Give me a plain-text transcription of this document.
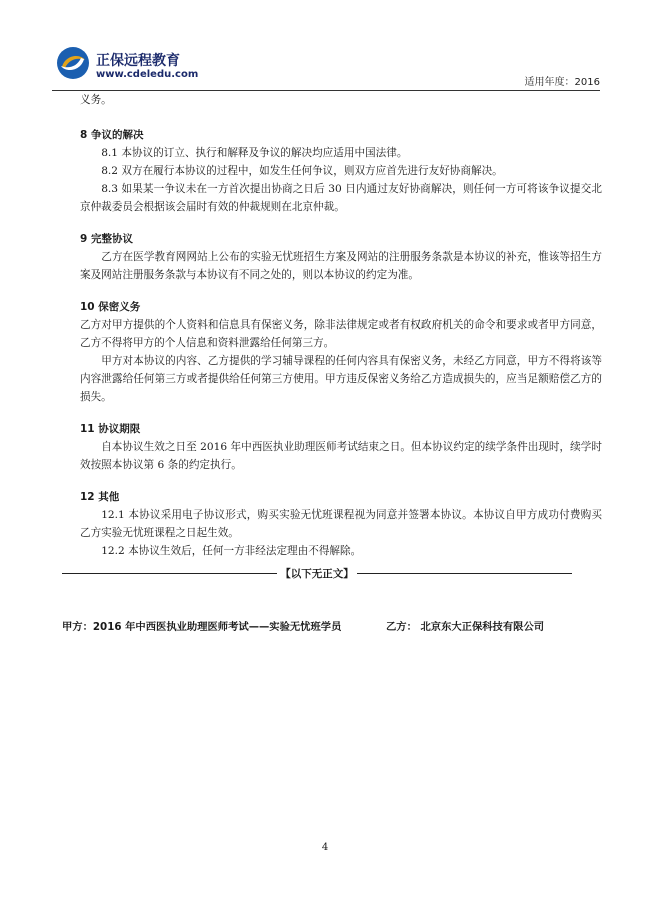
正保远程教育
www.cdeledu.com
适用年度：2016

义务。

8 争议的解决

8.1 本协议的订立、执行和解释及争议的解决均应适用中国法律。

8.2 双方在履行本协议的过程中，如发生任何争议，则双方应首先进行友好协商解决。

8.3 如果某一争议未在一方首次提出协商之日后 30 日内通过友好协商解决，则任何一方可将该争议提交北京仲裁委员会根据该会届时有效的仲裁规则在北京仲裁。

9 完整协议

乙方在医学教育网网站上公布的实验无忧班招生方案及网站的注册服务条款是本协议的补充，惟该等招生方案及网站注册服务条款与本协议有不同之处的，则以本协议的约定为准。

10 保密义务

乙方对甲方提供的个人资料和信息具有保密义务，除非法律规定或者有权政府机关的命令和要求或者甲方同意，乙方不得将甲方的个人信息和资料泄露给任何第三方。

甲方对本协议的内容、乙方提供的学习辅导课程的任何内容具有保密义务，未经乙方同意，甲方不得将该等内容泄露给任何第三方或者提供给任何第三方使用。甲方违反保密义务给乙方造成损失的，应当足额赔偿乙方的损失。

11 协议期限

自本协议生效之日至 2016 年中西医执业助理医师考试结束之日。但本协议约定的续学条件出现时，续学时效按照本协议第 6 条的约定执行。

12 其他

12.1 本协议采用电子协议形式，购买实验无忧班课程视为同意并签署本协议。本协议自甲方成功付费购买乙方实验无忧班课程之日起生效。

12.2 本协议生效后，任何一方非经法定理由不得解除。

【以下无正文】
甲方：2016 年中西医执业助理医师考试——实验无忧班学员	乙方： 北京东大正保科技有限公司
4
